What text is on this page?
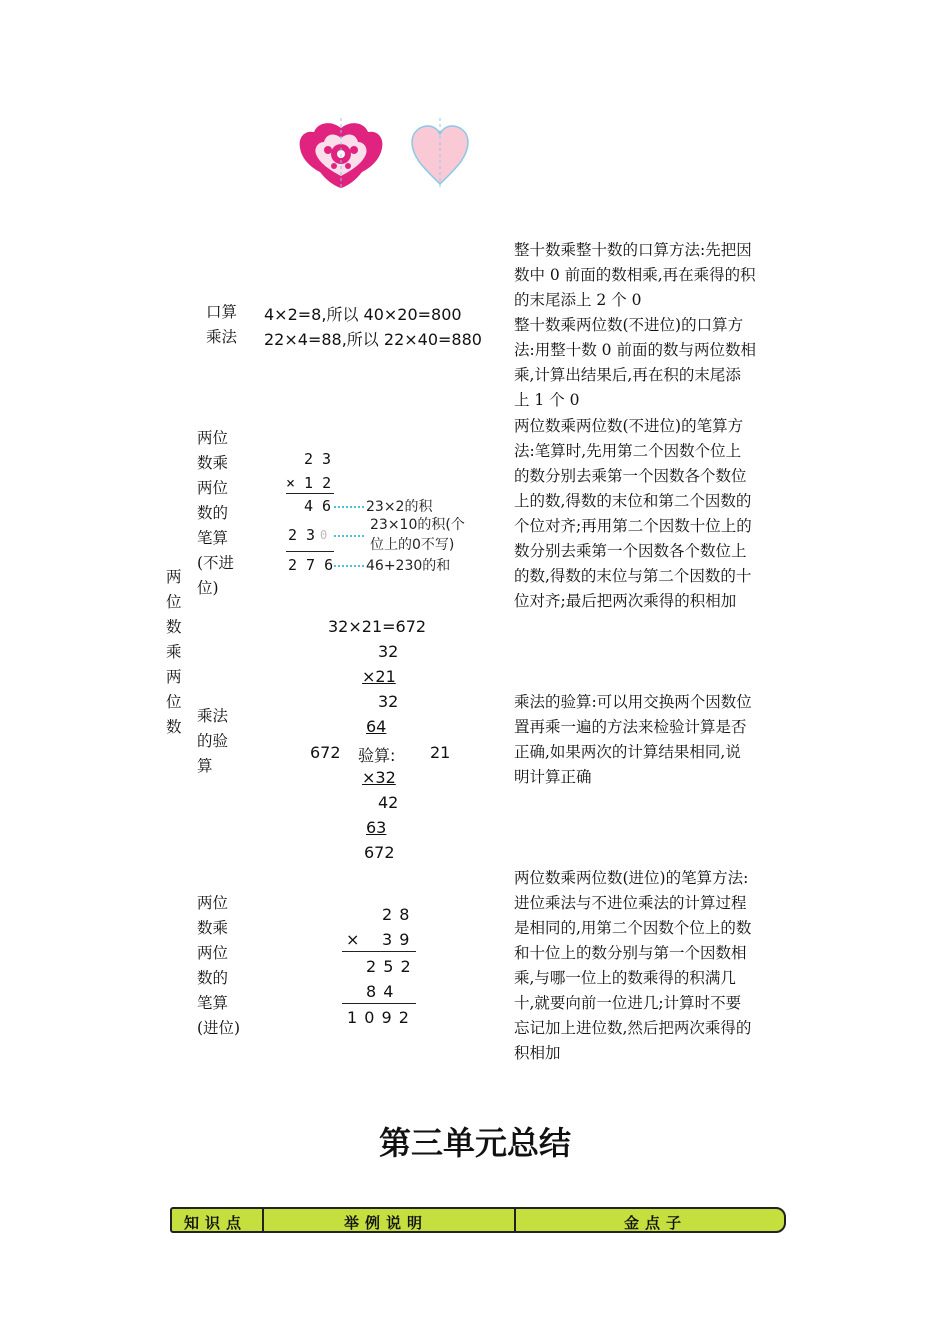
口算
乘法
4×2=8,所以 40×20=800
22×4=88,所以 22×40=880
整十数乘整十数的口算方法:先把因
数中 0 前面的数相乘,再在乘得的积
的末尾添上 2 个 0
整十数乘两位数(不进位)的口算方
法:用整十数 0 前面的数与两位数相
乘,计算出结果后,再在积的末尾添
上 1 个 0
两
位
数
乘
两
位
数
两位
数乘
两位
数的
笔算
(不进
位)
2 3
× 1 2
4 6
2 3 0
2 7 6
23×2的积
23×10的积(个
位上的0不写)
46+230的和
两位数乘两位数(不进位)的笔算方
法:笔算时,先用第二个因数个位上
的数分别去乘第一个因数各个数位
上的数,得数的末位和第二个因数的
个位对齐;再用第二个因数十位上的
数分别去乘第一个因数各个数位上
的数,得数的末位与第二个因数的十
位对齐;最后把两次乘得的积相加
乘法
的验
算
32×21=672
32
×21
32
64
672 验算: 21
×32
42
63
672
乘法的验算:可以用交换两个因数位
置再乘一遍的方法来检验计算是否
正确,如果两次的计算结果相同,说
明计算正确
两位
数乘
两位
数的
笔算
(进位)
2 8
× 3 9
2 5 2
8 4
1 0 9 2
两位数乘两位数(进位)的笔算方法:
进位乘法与不进位乘法的计算过程
是相同的,用第二个因数个位上的数
和十位上的数分别与第一个因数相
乘,与哪一位上的数乘得的积满几
十,就要向前一位进几;计算时不要
忘记加上进位数,然后把两次乘得的
积相加
第三单元总结
知识点	举例说明	金点子
